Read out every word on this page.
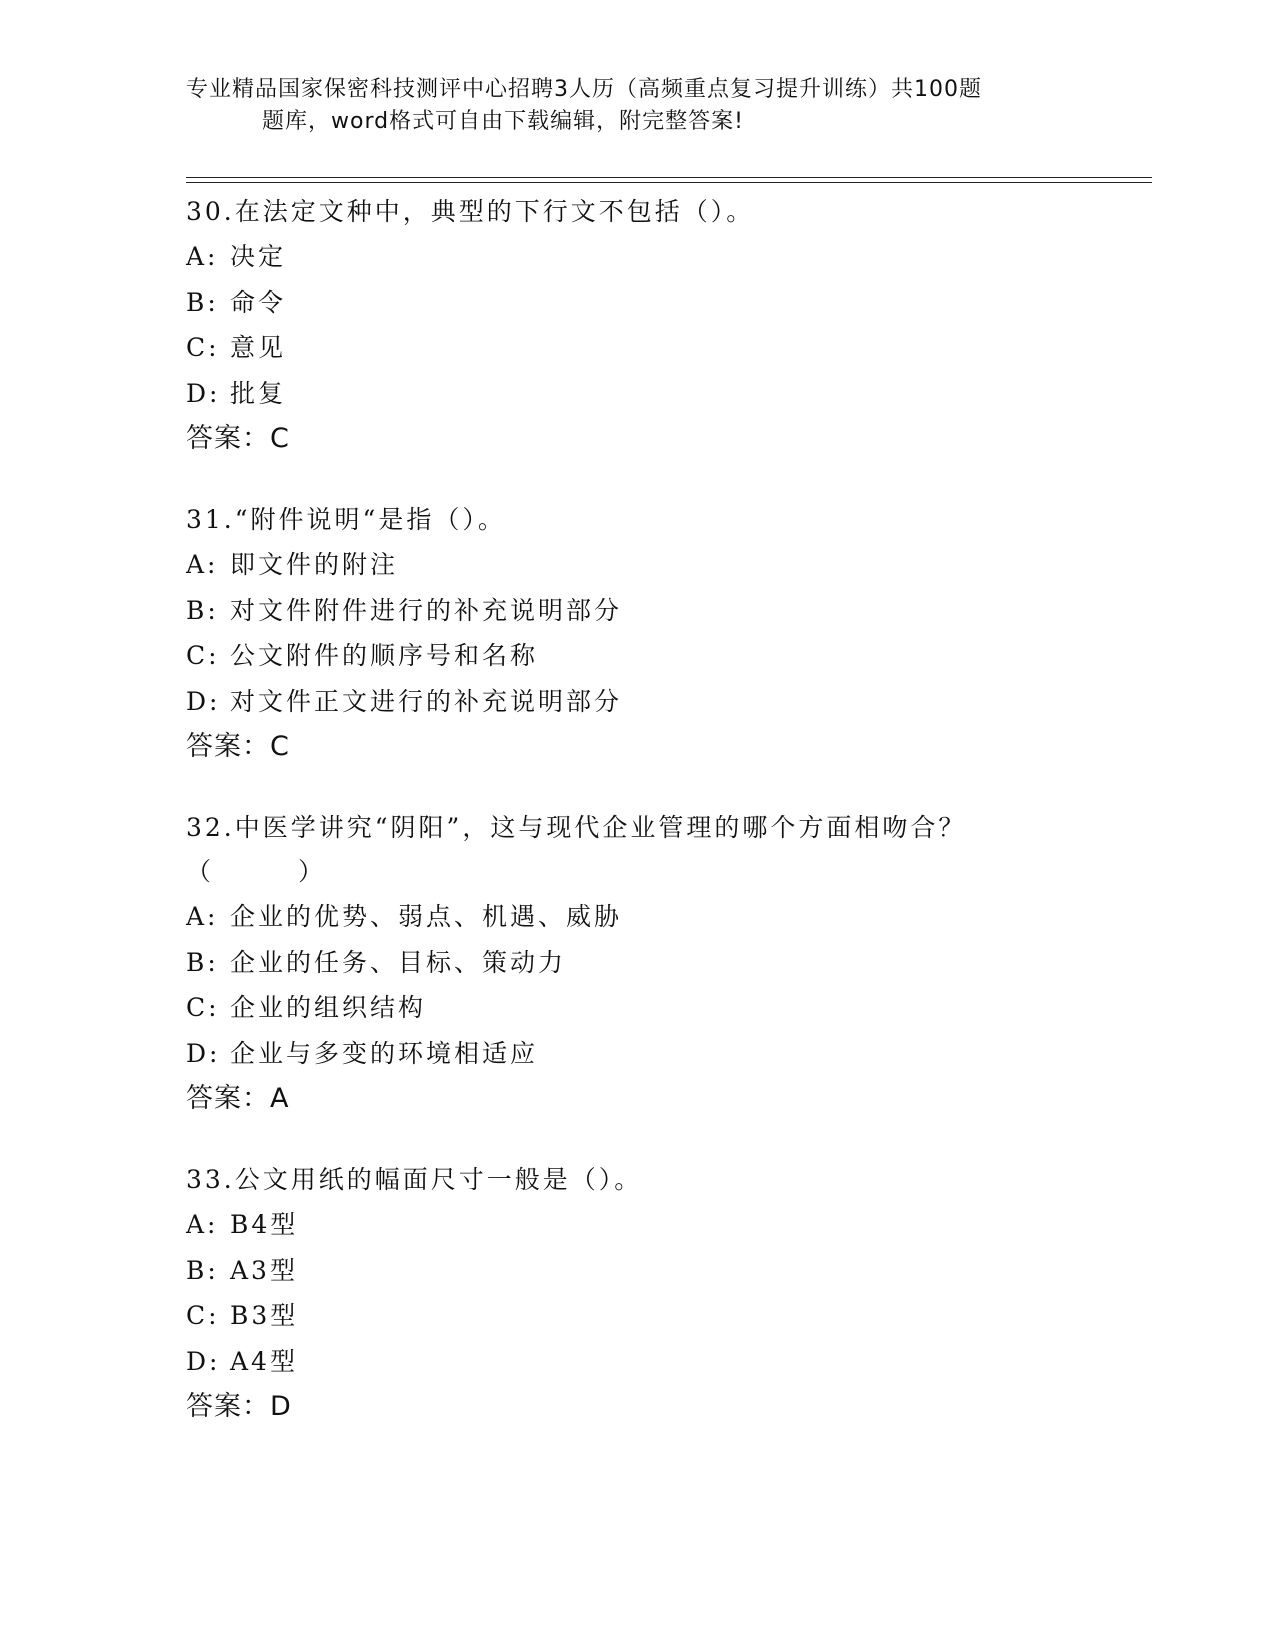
专业精品国家保密科技测评中心招聘3人历（高频重点复习提升训练）共100题
题库，word格式可自由下载编辑，附完整答案!
30.在法定文种中，典型的下行文不包括（）。
A: 决定
B: 命令
C: 意见
D: 批复
答案：C
31.“附件说明“是指（）。
A: 即文件的附注
B: 对文件附件进行的补充说明部分
C: 公文附件的顺序号和名称
D: 对文件正文进行的补充说明部分
答案：C
32.中医学讲究“阴阳”，这与现代企业管理的哪个方面相吻合？（　　　）
A: 企业的优势、弱点、机遇、威胁
B: 企业的任务、目标、策动力
C: 企业的组织结构
D: 企业与多变的环境相适应
答案：A
33.公文用纸的幅面尺寸一般是（）。
A: B4型
B: A3型
C: B3型
D: A4型
答案：D
